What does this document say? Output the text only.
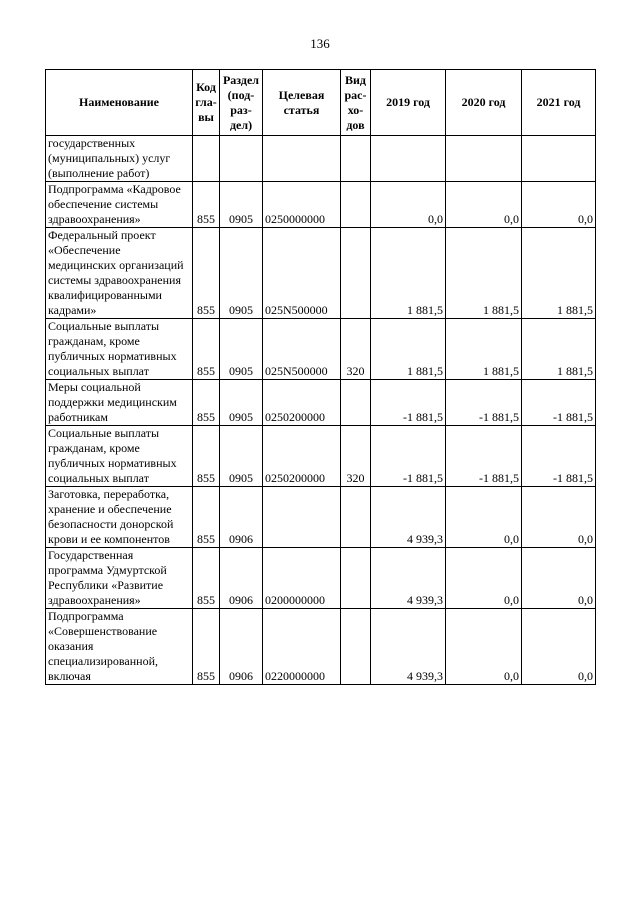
136
Наименование	Код гла-вы	Раздел (под-раз-дел)	Целевая статья	Вид рас-хо-дов	2019 год	2020 год	2021 год
государственных (муниципальных) услуг (выполнение работ)							
Подпрограмма «Кадровое обеспечение системы здравоохранения»	855	0905	0250000000		0,0	0,0	0,0
Федеральный проект «Обеспечение медицинских организаций системы здравоохранения квалифицированными кадрами»	855	0905	025N500000		1 881,5	1 881,5	1 881,5
Социальные выплаты гражданам, кроме публичных нормативных социальных выплат	855	0905	025N500000	320	1 881,5	1 881,5	1 881,5
Меры социальной поддержки медицинским работникам	855	0905	0250200000		-1 881,5	-1 881,5	-1 881,5
Социальные выплаты гражданам, кроме публичных нормативных социальных выплат	855	0905	0250200000	320	-1 881,5	-1 881,5	-1 881,5
Заготовка, переработка, хранение и обеспечение безопасности донорской крови и ее компонентов	855	0906			4 939,3	0,0	0,0
Государственная программа Удмуртской Республики «Развитие здравоохранения»	855	0906	0200000000		4 939,3	0,0	0,0
Подпрограмма «Совершенствование оказания специализированной, включая	855	0906	0220000000		4 939,3	0,0	0,0
